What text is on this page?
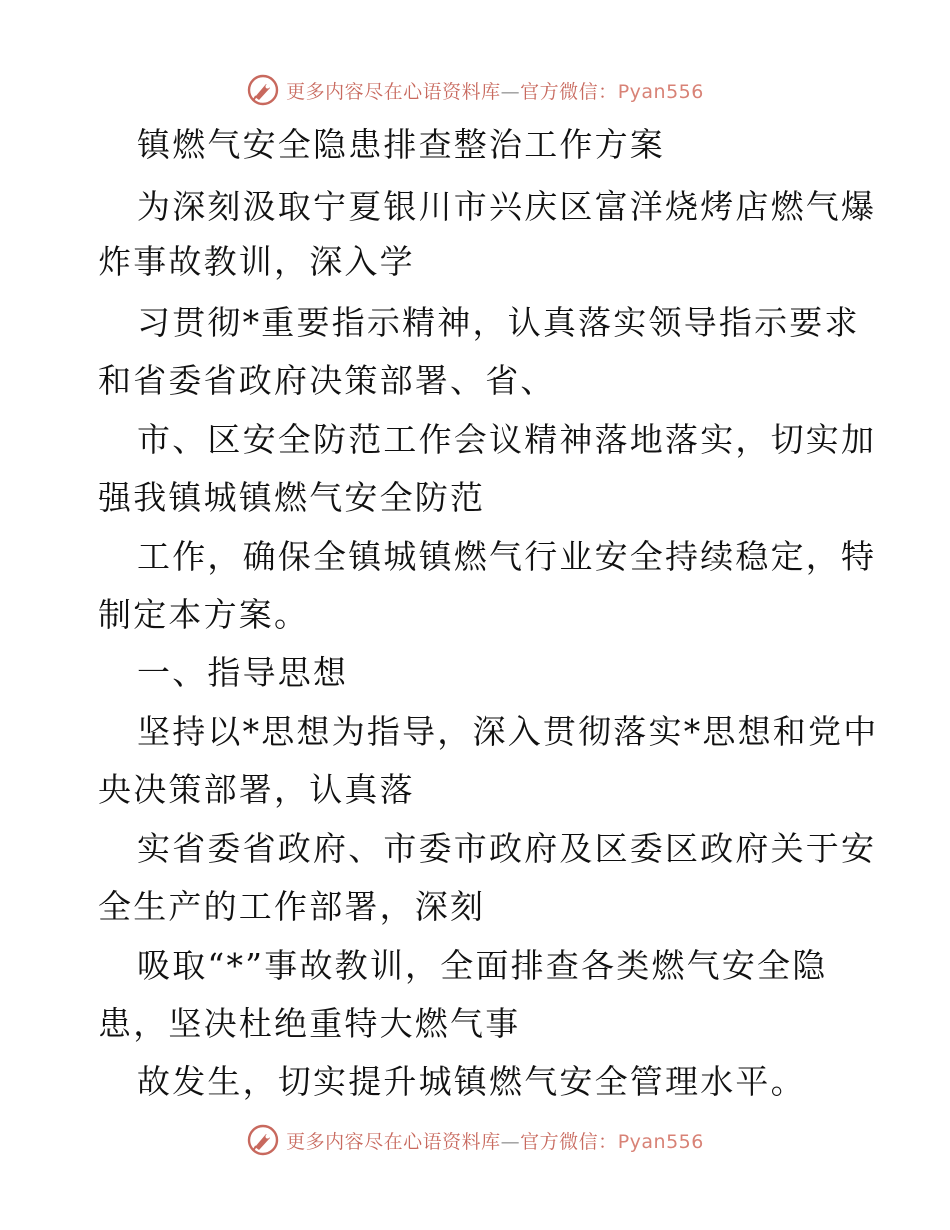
更多内容尽在心语资料库—官方微信：Pyan556
镇燃气安全隐患排查整治工作方案
为深刻汲取宁夏银川市兴庆区富洋烧烤店燃气爆
炸事故教训，深入学
习贯彻*重要指示精神，认真落实领导指示要求
和省委省政府决策部署、省、
市、区安全防范工作会议精神落地落实，切实加
强我镇城镇燃气安全防范
工作，确保全镇城镇燃气行业安全持续稳定，特
制定本方案。
一、指导思想
坚持以*思想为指导，深入贯彻落实*思想和党中
央决策部署，认真落
实省委省政府、市委市政府及区委区政府关于安
全生产的工作部署，深刻
吸取“*”事故教训，全面排查各类燃气安全隐
患，坚决杜绝重特大燃气事
故发生，切实提升城镇燃气安全管理水平。
更多内容尽在心语资料库—官方微信：Pyan556
